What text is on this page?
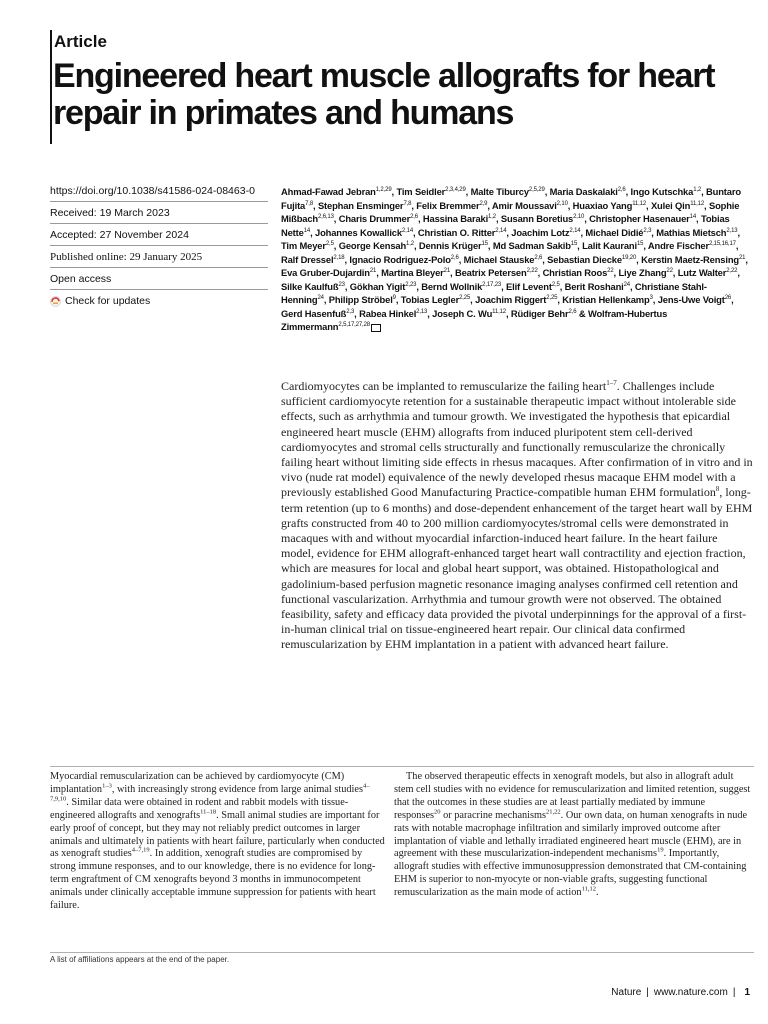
Article
Engineered heart muscle allografts for heart repair in primates and humans
https://doi.org/10.1038/s41586-024-08463-0
Received: 19 March 2023
Accepted: 27 November 2024
Published online: 29 January 2025
Open access
Check for updates
Ahmad-Fawad Jebran$^{1,2,29}$, Tim Seidler$^{2,3,4,29}$, Malte Tiburcy$^{2,5,29}$, Maria Daskalaki$^{2,6}$, Ingo Kutschka$^{1,2}$, Buntaro Fujita$^{7,8}$, Stephan Ensminger$^{7,8}$, Felix Bremmer$^{2,9}$, Amir Moussavi$^{2,10}$, Huaxiao Yang$^{11,12}$, Xulei Qin$^{11,12}$, Sophie Mißbach$^{2,6,13}$, Charis Drummer$^{2,6}$, Hassina Baraki$^{1,2}$, Susann Boretius$^{2,10}$, Christopher Hasenauer$^{14}$, Tobias Nette$^{14}$, Johannes Kowallick$^{2,14}$, Christian O. Ritter$^{2,14}$, Joachim Lotz$^{2,14}$, Michael Didié$^{2,3}$, Mathias Mietsch$^{2,13}$, Tim Meyer$^{2,5}$, George Kensah$^{1,2}$, Dennis Krüger$^{15}$, Md Sadman Sakib$^{15}$, Lalit Kaurani$^{15}$, Andre Fischer$^{2,15,16,17}$, Ralf Dressel$^{2,18}$, Ignacio Rodriguez-Polo$^{2,6}$, Michael Stauske$^{2,6}$, Sebastian Diecke$^{19,20}$, Kerstin Maetz-Rensing$^{21}$, Eva Gruber-Dujardin$^{21}$, Martina Bleyer$^{21}$, Beatrix Petersen$^{2,22}$, Christian Roos$^{22}$, Liye Zhang$^{22}$, Lutz Walter$^{2,22}$, Silke Kaulfuß$^{23}$, Gökhan Yigit$^{2,23}$, Bernd Wollnik$^{2,17,23}$, Elif Levent$^{2,5}$, Berit Roshani$^{24}$, Christiane Stahl-Henning$^{24}$, Philipp Ströbel$^9$, Tobias Legler$^{2,25}$, Joachim Riggert$^{2,25}$, Kristian Hellenkamp$^3$, Jens-Uwe Voigt$^{26}$, Gerd Hasenfuß$^{2,3}$, Rabea Hinkel$^{2,13}$, Joseph C. Wu$^{11,12}$, Rüdiger Behr$^{2,6}$ & Wolfram-Hubertus Zimmermann$^{2,5,17,27,28}$
Cardiomyocytes can be implanted to remuscularize the failing heart$^{1-7}$. Challenges include sufficient cardiomyocyte retention for a sustainable therapeutic impact without intolerable side effects, such as arrhythmia and tumour growth. We investigated the hypothesis that epicardial engineered heart muscle (EHM) allografts from induced pluripotent stem cell-derived cardiomyocytes and stromal cells structurally and functionally remuscularize the chronically failing heart without limiting side effects in rhesus macaques. After confirmation of in vitro and in vivo (nude rat model) equivalence of the newly developed rhesus macaque EHM model with a previously established Good Manufacturing Practice-compatible human EHM formulation$^8$, long-term retention (up to 6 months) and dose-dependent enhancement of the target heart wall by EHM grafts constructed from 40 to 200 million cardiomyocytes/stromal cells were demonstrated in macaques with and without myocardial infarction-induced heart failure. In the heart failure model, evidence for EHM allograft-enhanced target heart wall contractility and ejection fraction, which are measures for local and global heart support, was obtained. Histopathological and gadolinium-based perfusion magnetic resonance imaging analyses confirmed cell retention and functional vascularization. Arrhythmia and tumour growth were not observed. The obtained feasibility, safety and efficacy data provided the pivotal underpinnings for the approval of a first-in-human clinical trial on tissue-engineered heart repair. Our clinical data confirmed remuscularization by EHM implantation in a patient with advanced heart failure.

Myocardial remuscularization can be achieved by cardiomyocyte (CM) implantation$^{1-3}$, with increasingly strong evidence from large animal studies$^{4-7,9,10}$. Similar data were obtained in rodent and rabbit models with tissue-engineered allografts and xenografts$^{11-18}$. Small animal studies are important for early proof of concept, but they may not reliably predict outcomes in larger animals and ultimately in patients with heart failure, particularly when conducted as xenograft studies$^{4-7,19}$. In addition, xenograft studies are compromised by strong immune responses, and to our knowledge, there is no evidence for long-term engraftment of CM xenografts beyond 3 months in immunocompetent animals under clinically acceptable immune suppression for patients with heart failure.

The observed therapeutic effects in xenograft models, but also in allograft adult stem cell studies with no evidence for remuscularization and limited retention, suggest that the outcomes in these studies are at least partially mediated by immune responses$^{20}$ or paracrine mechanisms$^{21,22}$. Our own data, on human xenografts in nude rats with notable macrophage infiltration and similarly improved outcome after implantation of viable and lethally irradiated engineered heart muscle (EHM), are in agreement with these muscularization-independent mechanisms$^{19}$. Importantly, allograft studies with effective immunosuppression demonstrated that CM-containing EHM is superior to non-myocyte or non-viable grafts, suggesting functional remuscularization as the main mode of action$^{11,12}$.

A list of affiliations appears at the end of the paper.
Nature | www.nature.com | 1
